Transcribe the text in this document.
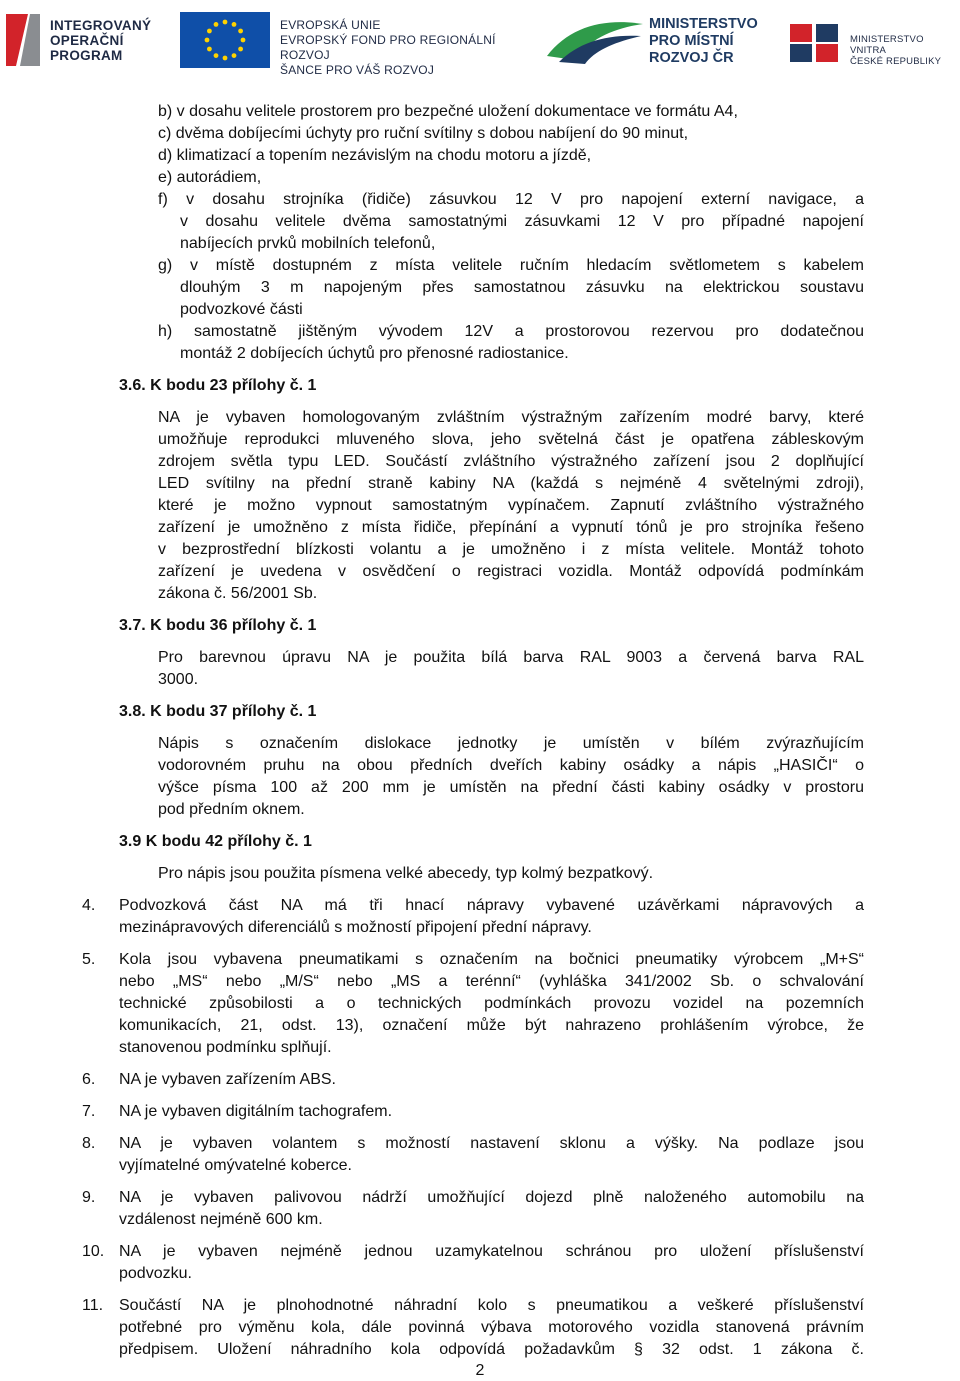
INTEGROVANÝ
OPERAČNÍ
PROGRAM
EVROPSKÁ UNIE
EVROPSKÝ FOND PRO REGIONÁLNÍ ROZVOJ
ŠANCE PRO VÁŠ ROZVOJ
MINISTERSTVO
PRO MÍSTNÍ
ROZVOJ ČR
MINISTERSTVO VNITRA
ČESKÉ REPUBLIKY
b) v dosahu velitele prostorem pro bezpečné uložení dokumentace ve formátu A4,
c) dvěma dobíjecími úchyty pro ruční svítilny s dobou nabíjení do 90 minut,
d) klimatizací a topením nezávislým na chodu motoru a jízdě,
e) autorádiem,
f) v dosahu strojníka (řidiče) zásuvkou 12 V pro napojení externí navigace, a
v dosahu velitele dvěma samostatnými zásuvkami 12 V pro případné napojení
nabíjecích prvků mobilních telefonů,
g) v místě dostupném z místa velitele ručním hledacím světlometem s kabelem
dlouhým 3 m napojeným přes samostatnou zásuvku na elektrickou soustavu
podvozkové části
h) samostatně jištěným vývodem 12V a prostorovou rezervou pro dodatečnou
montáž 2 dobíjecích úchytů pro přenosné radiostanice.
3.6. K bodu 23 přílohy č. 1
NA je vybaven homologovaným zvláštním výstražným zařízením modré barvy, které
umožňuje reprodukci mluveného slova, jeho světelná část je opatřena zábleskovým
zdrojem světla typu LED. Součástí zvláštního výstražného zařízení jsou 2 doplňující
LED svítilny na přední straně kabiny NA (každá s nejméně 4 světelnými zdroji),
které je možno vypnout samostatným vypínačem. Zapnutí zvláštního výstražného
zařízení je umožněno z místa řidiče, přepínání a vypnutí tónů je pro strojníka řešeno
v bezprostřední blízkosti volantu a je umožněno i z místa velitele. Montáž tohoto
zařízení je uvedena v osvědčení o registraci vozidla. Montáž odpovídá podmínkám
zákona č. 56/2001 Sb.
3.7. K bodu 36 přílohy č. 1
Pro barevnou úpravu NA je použita bílá barva RAL 9003 a červená barva RAL
3000.
3.8. K bodu 37 přílohy č. 1
Nápis s označením dislokace jednotky je umístěn v bílém zvýrazňujícím
vodorovném pruhu na obou předních dveřích kabiny osádky a nápis „HASIČI“ o
výšce písma 100 až 200 mm je umístěn na přední části kabiny osádky v prostoru
pod předním oknem.
3.9 K bodu 42 přílohy č. 1
Pro nápis jsou použita písmena velké abecedy, typ kolmý bezpatkový.
4. Podvozková část NA má tři hnací nápravy vybavené uzávěrkami nápravových a
mezinápravových diferenciálů s možností připojení přední nápravy.
5. Kola jsou vybavena pneumatikami s označením na bočnici pneumatiky výrobcem „M+S“
nebo „MS“ nebo „M/S“ nebo „MS a terénní“ (vyhláška 341/2002 Sb. o schvalování
technické způsobilosti a o technických podmínkách provozu vozidel na pozemních
komunikacích, 21, odst. 13), označení může být nahrazeno prohlášením výrobce, že
stanovenou podmínku splňují.
6. NA je vybaven zařízením ABS.
7. NA je vybaven digitálním tachografem.
8. NA je vybaven volantem s možností nastavení sklonu a výšky. Na podlaze jsou
vyjímatelné omývatelné koberce.
9. NA je vybaven palivovou nádrží umožňující dojezd plně naloženého automobilu na
vzdálenost nejméně 600 km.
10. NA je vybaven nejméně jednou uzamykatelnou schránou pro uložení příslušenství
podvozku.
11. Součástí NA je plnohodnotné náhradní kolo s pneumatikou a veškeré příslušenství
potřebné pro výměnu kola, dále povinná výbava motorového vozidla stanovená právním
předpisem. Uložení náhradního kola odpovídá požadavkům § 32 odst. 1 zákona č.
2
